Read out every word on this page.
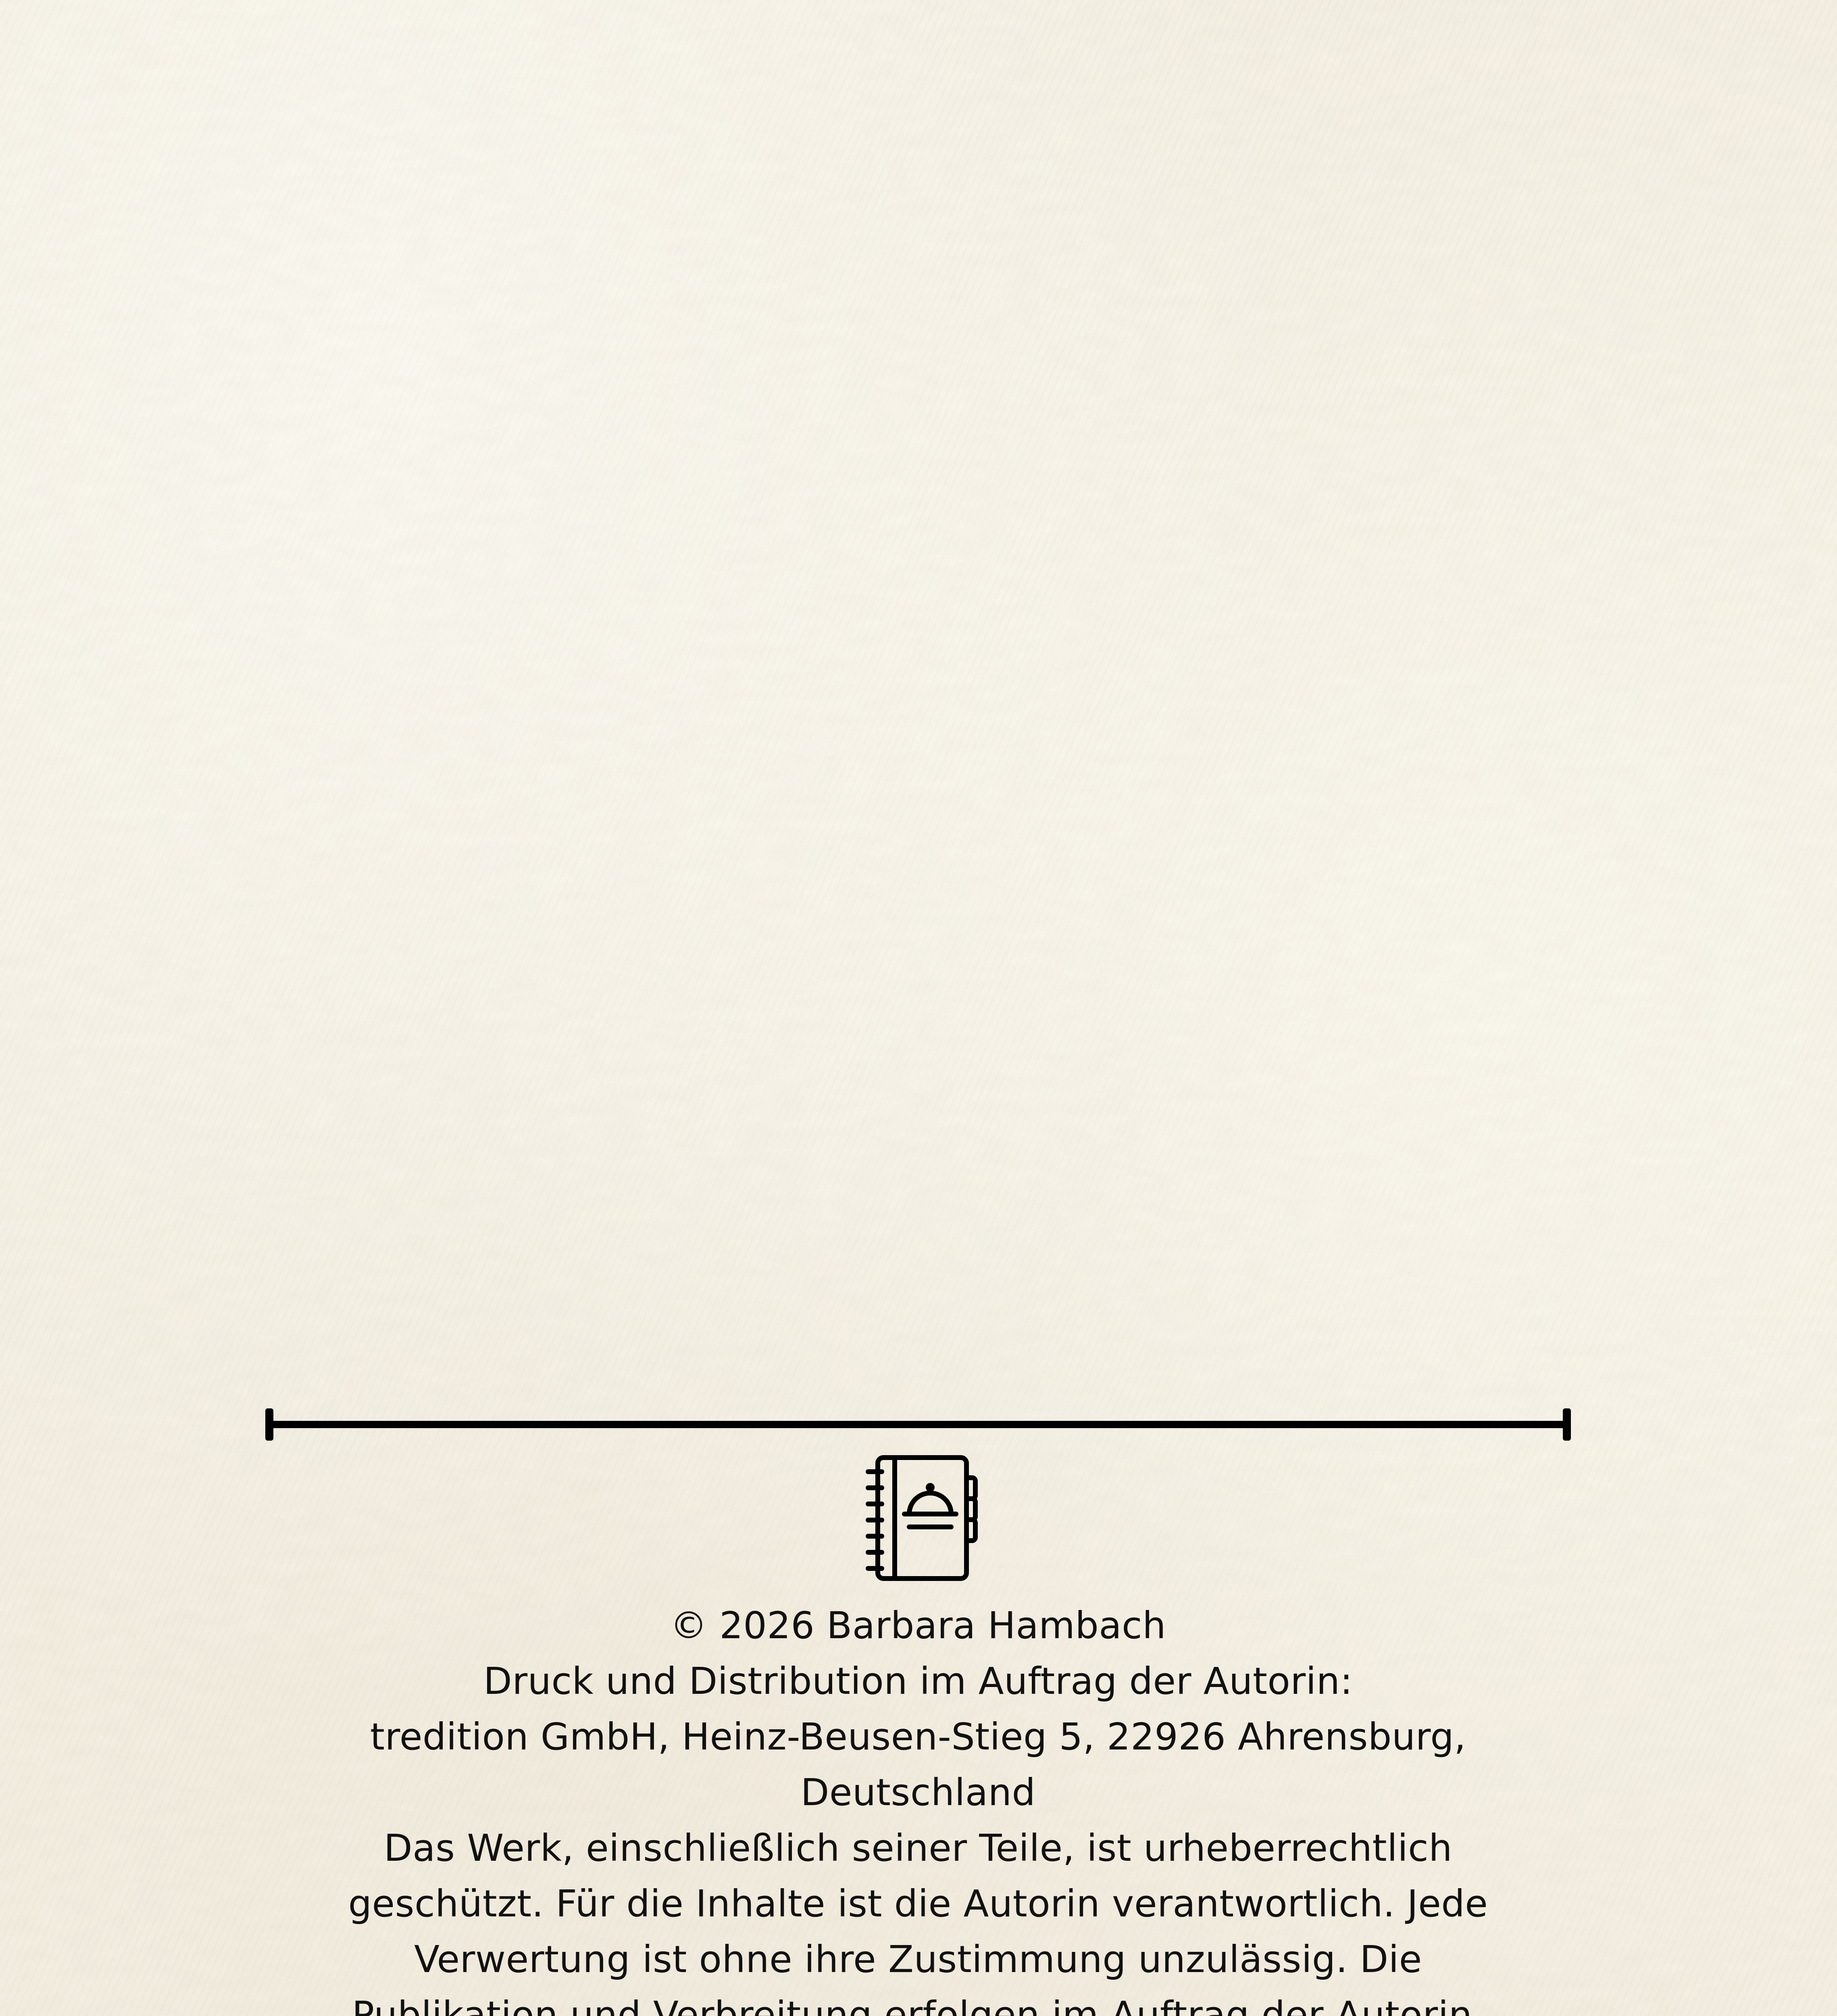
© 2026 Barbara Hambach
Druck und Distribution im Auftrag der Autorin:
tredition GmbH, Heinz-Beusen-Stieg 5, 22926 Ahrensburg,
Deutschland
Das Werk, einschließlich seiner Teile, ist urheberrechtlich
geschützt. Für die Inhalte ist die Autorin verantwortlich. Jede
Verwertung ist ohne ihre Zustimmung unzulässig. Die
Publikation und Verbreitung erfolgen im Auftrag der Autorin,
